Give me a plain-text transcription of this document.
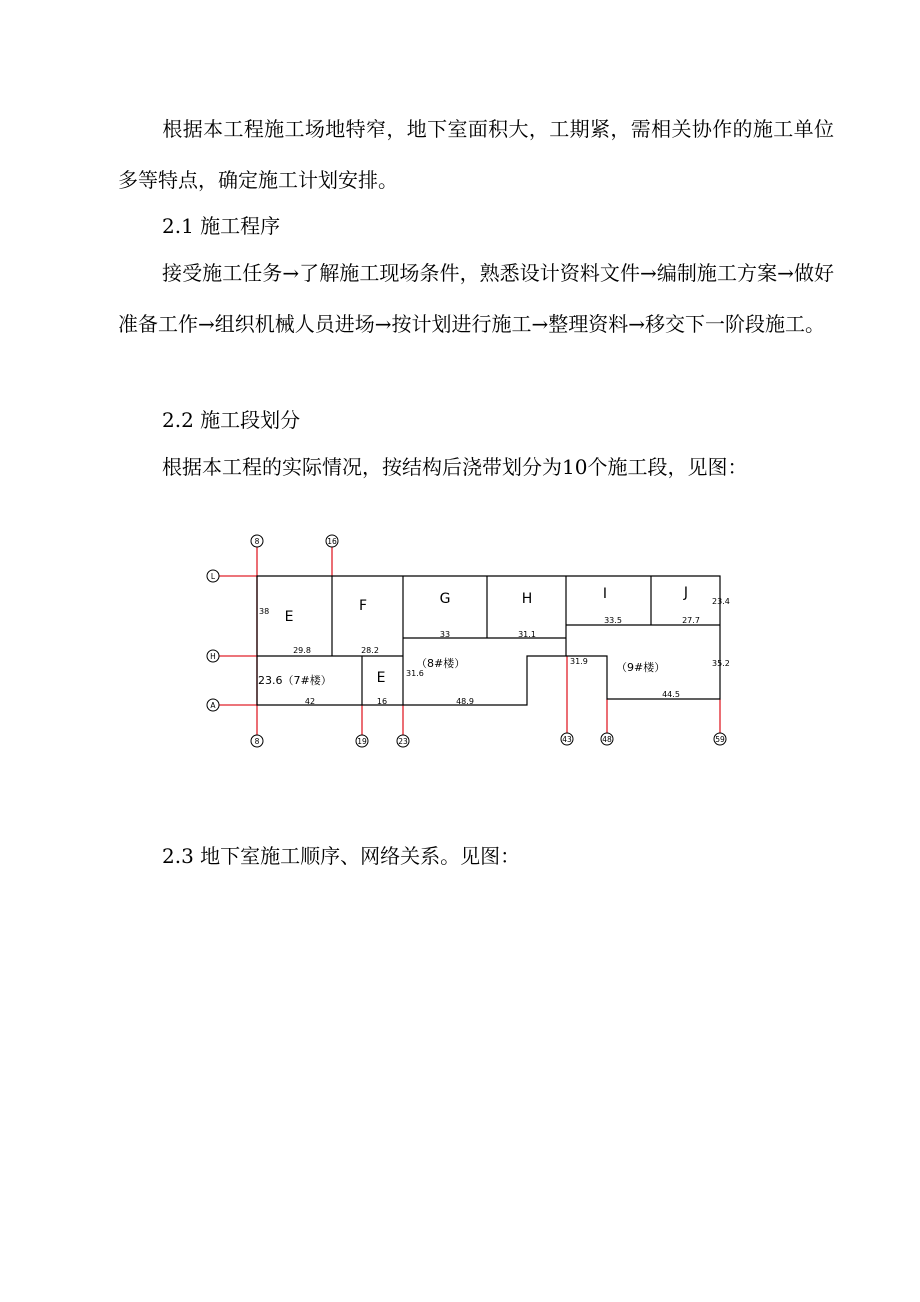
根据本工程施工场地特窄，地下室面积大，工期紧，需相关协作的施工单位多等特点，确定施工计划安排。

2.1 施工程序

接受施工任务→了解施工现场条件，熟悉设计资料文件→编制施工方案→做好准备工作→组织机械人员进场→按计划进行施工→整理资料→移交下一阶段施工。

2.2 施工段划分

根据本工程的实际情况，按结构后浇带划分为10个施工段，见图：

8	16
L
H
A
8	19	23	43	48	59
E
F	G	H	I	J
E
23.6（7#楼）
（8#楼）	（9#楼）
38
29.8	28.2
33	31.1
33.5	27.7
23.4
31.6
42	16	48.9
31.9	35.2
44.5

2.3 地下室施工顺序、网络关系。见图：
